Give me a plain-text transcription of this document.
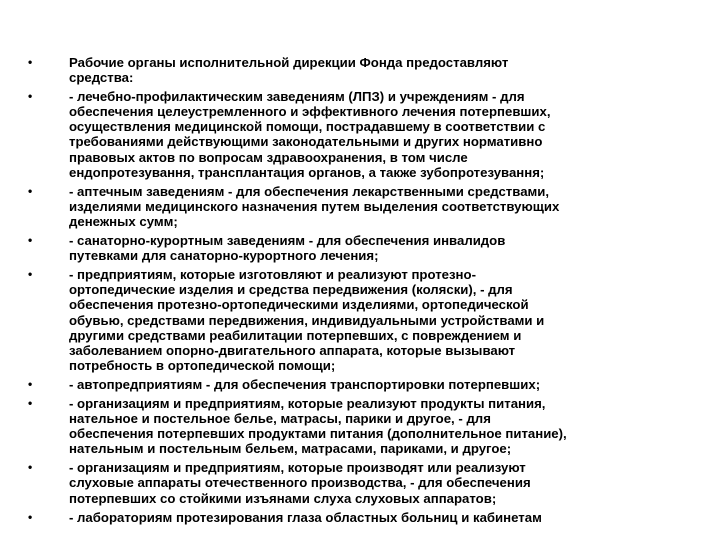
•	Рабочие органы исполнительной дирекции Фонда предоставляют
средства:
•	- лечебно-профилактическим заведениям (ЛПЗ) и учреждениям - для
обеспечения целеустремленного и эффективного лечения потерпевших,
осуществления медицинской помощи, пострадавшему в соответствии с
требованиями действующими законодательными и других нормативно
правовых актов по вопросам здравоохранения, в том числе
ендопротезування, трансплантация органов, а также зубопротезування;
•	- аптечным заведениям - для обеспечения лекарственными средствами,
изделиями медицинского назначения путем выделения соответствующих
денежных сумм;
•	- санаторно-курортным заведениям - для обеспечения инвалидов
путевками для санаторно-курортного лечения;
•	- предприятиям, которые изготовляют и реализуют протезно-
ортопедические изделия и средства передвижения (коляски), - для
обеспечения протезно-ортопедическими изделиями, ортопедической
обувью, средствами передвижения, индивидуальными устройствами и
другими средствами реабилитации потерпевших, с повреждением и
заболеванием опорно-двигательного аппарата, которые вызывают
потребность в ортопедической помощи;
•	- автопредприятиям - для обеспечения транспортировки потерпевших;
•	- организациям и предприятиям, которые реализуют продукты питания,
нательное и постельное белье, матрасы, парики и другое, - для
обеспечения потерпевших продуктами питания (дополнительное питание),
нательным и постельным бельем, матрасами, париками, и другое;
•	- организациям и предприятиям, которые производят или реализуют
слуховые аппараты отечественного производства, - для обеспечения
потерпевших со стойкими изъянами слуха слуховых аппаратов;
•	- лабораториям протезирования глаза областных больниц и кабинетам
